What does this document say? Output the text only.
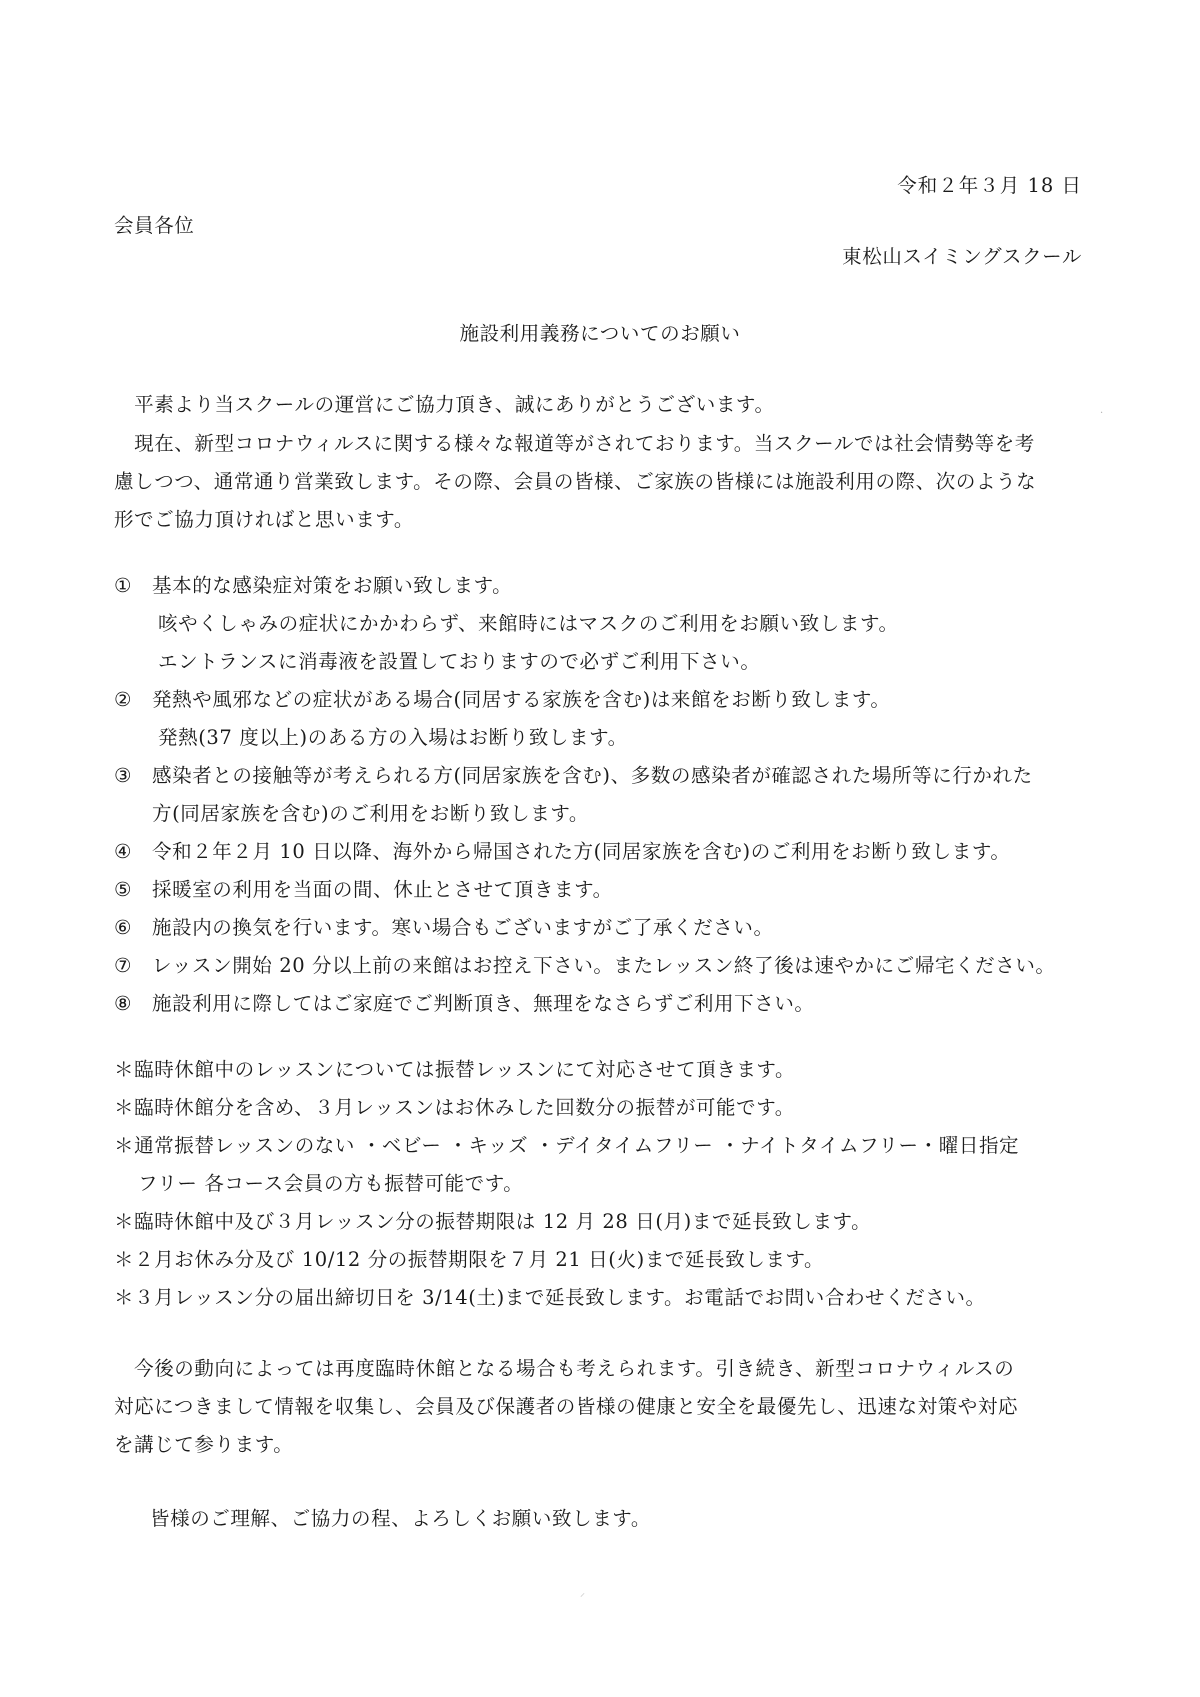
令和２年３月 18 日
会員各位
東松山スイミングスクール
施設利用義務についてのお願い
　平素より当スクールの運営にご協力頂き、誠にありがとうございます。
　現在、新型コロナウィルスに関する様々な報道等がされております。当スクールでは社会情勢等を考
慮しつつ、通常通り営業致します。その際、会員の皆様、ご家族の皆様には施設利用の際、次のような
形でご協力頂ければと思います。
①	基本的な感染症対策をお願い致します。
咳やくしゃみの症状にかかわらず、来館時にはマスクのご利用をお願い致します。
エントランスに消毒液を設置しておりますので必ずご利用下さい。
②	発熱や風邪などの症状がある場合(同居する家族を含む)は来館をお断り致します。
発熱(37 度以上)のある方の入場はお断り致します。
③	感染者との接触等が考えられる方(同居家族を含む)、多数の感染者が確認された場所等に行かれた
方(同居家族を含む)のご利用をお断り致します。
④	令和２年２月 10 日以降、海外から帰国された方(同居家族を含む)のご利用をお断り致します。
⑤	採暖室の利用を当面の間、休止とさせて頂きます。
⑥	施設内の換気を行います。寒い場合もございますがご了承ください。
⑦	レッスン開始 20 分以上前の来館はお控え下さい。またレッスン終了後は速やかにご帰宅ください。
⑧	施設利用に際してはご家庭でご判断頂き、無理をなさらずご利用下さい。
＊臨時休館中のレッスンについては振替レッスンにて対応させて頂きます。
＊臨時休館分を含め、３月レッスンはお休みした回数分の振替が可能です。
＊通常振替レッスンのない ・ベビー ・キッズ ・デイタイムフリー ・ナイトタイムフリー・曜日指定
フリー 各コース会員の方も振替可能です。
＊臨時休館中及び３月レッスン分の振替期限は 12 月 28 日(月)まで延長致します。
＊２月お休み分及び 10/12 分の振替期限を７月 21 日(火)まで延長致します。
＊３月レッスン分の届出締切日を 3/14(土)まで延長致します。お電話でお問い合わせください。
　今後の動向によっては再度臨時休館となる場合も考えられます。引き続き、新型コロナウィルスの
対応につきまして情報を収集し、会員及び保護者の皆様の健康と安全を最優先し、迅速な対策や対応
を講じて参ります。
皆様のご理解、ご協力の程、よろしくお願い致します。
·
⸝
